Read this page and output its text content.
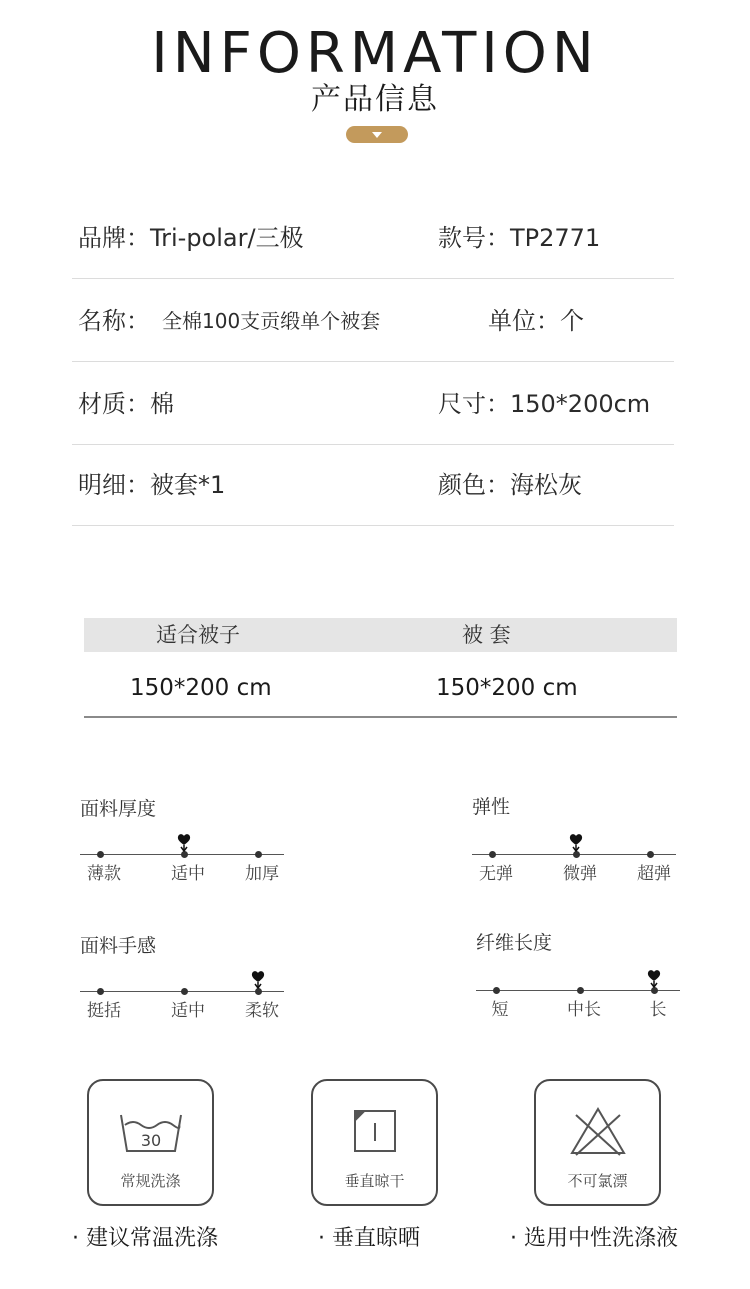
INFORMATION
产品信息
品牌：Tri-polar/三极	款号：TP2771
名称： 全棉100支贡缎单个被套	单位：个
材质：棉	尺寸：150*200cm
明细：被套*1	颜色：海松灰
适合被子	被 套
150*200 cm	150*200 cm
面料厚度
薄款	适中 加厚
弹性
无弹	微弹 超弹
面料手感
挺括	适中 柔软
纤维长度
短	中长	长
30
常规洗涤	垂直晾干	不可氯漂
· 建议常温洗涤	· 垂直晾晒	· 选用中性洗涤液
